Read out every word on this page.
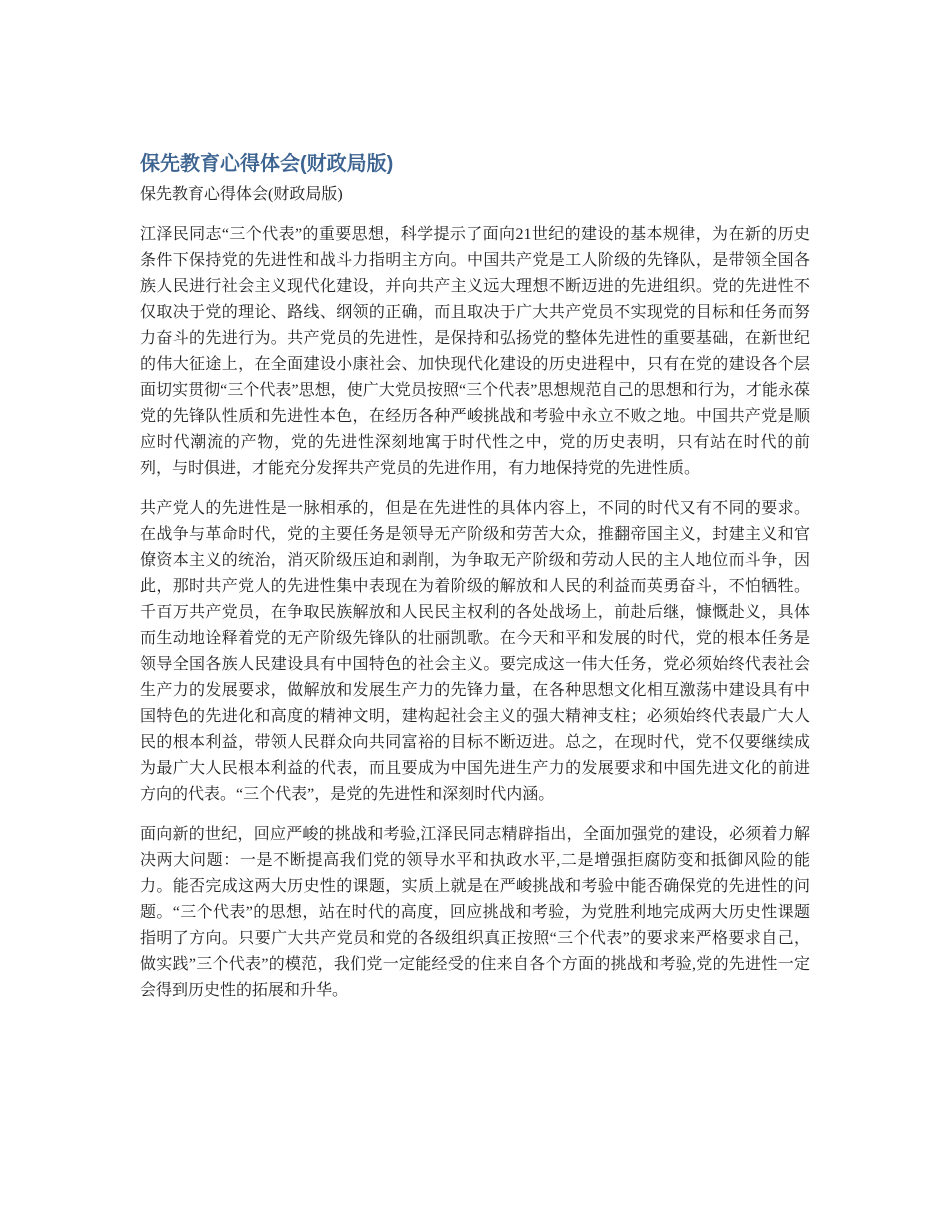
保先教育心得体会(财政局版)
保先教育心得体会(财政局版)

江泽民同志“三个代表”的重要思想，科学提示了面向21世纪的建设的基本规律，为在新的历史条件下保持党的先进性和战斗力指明主方向。中国共产党是工人阶级的先锋队，是带领全国各族人民进行社会主义现代化建设，并向共产主义远大理想不断迈进的先进组织。党的先进性不仅取决于党的理论、路线、纲领的正确，而且取决于广大共产党员不实现党的目标和任务而努力奋斗的先进行为。共产党员的先进性，是保持和弘扬党的整体先进性的重要基础，在新世纪的伟大征途上，在全面建设小康社会、加快现代化建设的历史进程中，只有在党的建设各个层面切实贯彻“三个代表”思想，使广大党员按照“三个代表”思想规范自己的思想和行为，才能永葆党的先锋队性质和先进性本色，在经历各种严峻挑战和考验中永立不败之地。中国共产党是顺应时代潮流的产物，党的先进性深刻地寓于时代性之中，党的历史表明，只有站在时代的前列，与时俱进，才能充分发挥共产党员的先进作用，有力地保持党的先进性质。

共产党人的先进性是一脉相承的，但是在先进性的具体内容上，不同的时代又有不同的要求。在战争与革命时代，党的主要任务是领导无产阶级和劳苦大众，推翻帝国主义，封建主义和官僚资本主义的统治，消灭阶级压迫和剥削，为争取无产阶级和劳动人民的主人地位而斗争，因此，那时共产党人的先进性集中表现在为着阶级的解放和人民的利益而英勇奋斗，不怕牺牲。千百万共产党员，在争取民族解放和人民民主权利的各处战场上，前赴后继，慷慨赴义，具体而生动地诠释着党的无产阶级先锋队的壮丽凯歌。在今天和平和发展的时代，党的根本任务是领导全国各族人民建设具有中国特色的社会主义。要完成这一伟大任务，党必须始终代表社会生产力的发展要求，做解放和发展生产力的先锋力量，在各种思想文化相互激荡中建设具有中国特色的先进化和高度的精神文明，建构起社会主义的强大精神支柱；必须始终代表最广大人民的根本利益，带领人民群众向共同富裕的目标不断迈进。总之，在现时代，党不仅要继续成为最广大人民根本利益的代表，而且要成为中国先进生产力的发展要求和中国先进文化的前进方向的代表。“三个代表”，是党的先进性和深刻时代内涵。

面向新的世纪，回应严峻的挑战和考验,江泽民同志精辟指出，全面加强党的建设，必须着力解决两大问题：一是不断提高我们党的领导水平和执政水平,二是增强拒腐防变和抵御风险的能力。能否完成这两大历史性的课题，实质上就是在严峻挑战和考验中能否确保党的先进性的问题。“三个代表”的思想，站在时代的高度，回应挑战和考验，为党胜利地完成两大历史性课题指明了方向。只要广大共产党员和党的各级组织真正按照“三个代表”的要求来严格要求自己，做实践”三个代表”的模范，我们党一定能经受的住来自各个方面的挑战和考验,党的先进性一定会得到历史性的拓展和升华。
